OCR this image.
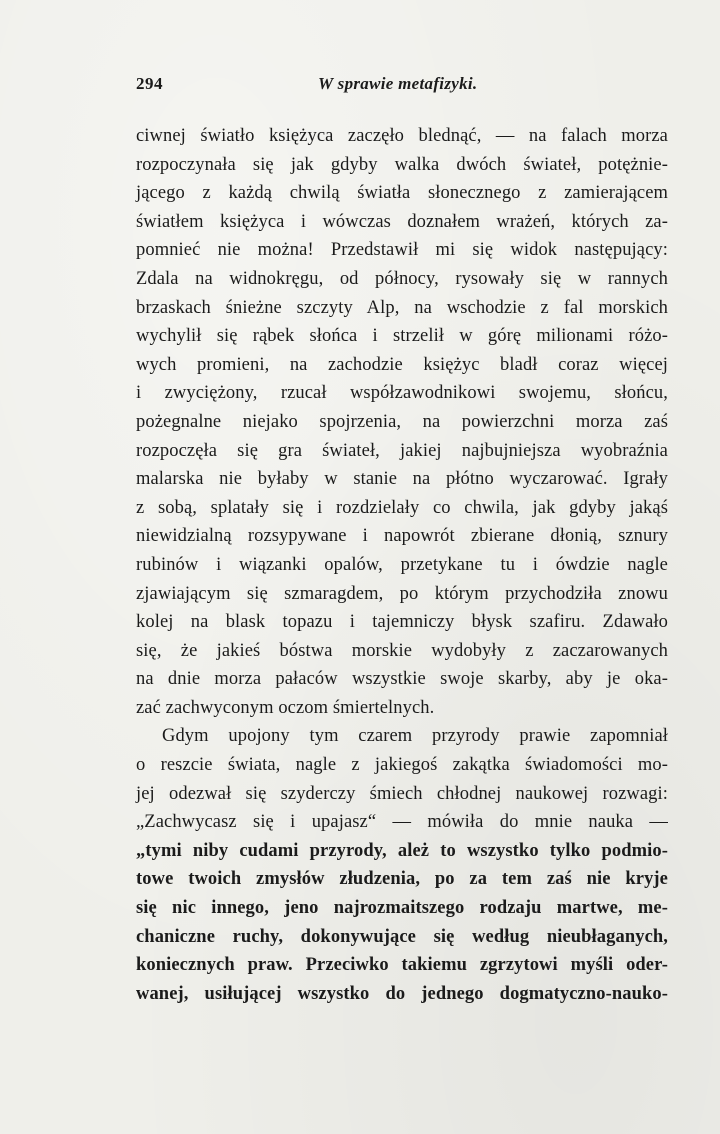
294	W sprawie metafizyki.
ciwnej światło księżyca zaczęło blednąć, — na falach morza
rozpoczynała się jak gdyby walka dwóch świateł, potężnie-
jącego z każdą chwilą światła słonecznego z zamierającem
światłem księżyca i wówczas doznałem wrażeń, których za-
pomnieć nie można! Przedstawił mi się widok następujący:
Zdala na widnokręgu, od północy, rysowały się w rannych
brzaskach śnieżne szczyty Alp, na wschodzie z fal morskich
wychylił się rąbek słońca i strzelił w górę milionami różo-
wych promieni, na zachodzie księżyc bladł coraz więcej
i zwyciężony, rzucał współzawodnikowi swojemu, słońcu,
pożegnalne niejako spojrzenia, na powierzchni morza zaś
rozpoczęła się gra świateł, jakiej najbujniejsza wyobraźnia
malarska nie byłaby w stanie na płótno wyczarować. Igrały
z sobą, splatały się i rozdzielały co chwila, jak gdyby jakąś
niewidzialną rozsypywane i napowrót zbierane dłonią, sznury
rubinów i wiązanki opalów, przetykane tu i ówdzie nagle
zjawiającym się szmaragdem, po którym przychodziła znowu
kolej na blask topazu i tajemniczy błysk szafiru. Zdawało
się, że jakieś bóstwa morskie wydobyły z zaczarowanych
na dnie morza pałaców wszystkie swoje skarby, aby je oka-
zać zachwyconym oczom śmiertelnych.
Gdym upojony tym czarem przyrody prawie zapomniał
o reszcie świata, nagle z jakiegoś zakątka świadomości mo-
jej odezwał się szyderczy śmiech chłodnej naukowej rozwagi:
„Zachwycasz się i upajasz“ — mówiła do mnie nauka —
„tymi niby cudami przyrody, ależ to wszystko tylko podmio-
towe twoich zmysłów złudzenia, po za tem zaś nie kryje
się nic innego, jeno najrozmaitszego rodzaju martwe, me-
chaniczne ruchy, dokonywujące się według nieubłaganych,
koniecznych praw. Przeciwko takiemu zgrzytowi myśli oder-
wanej, usiłującej wszystko do jednego dogmatyczno-nauko-
